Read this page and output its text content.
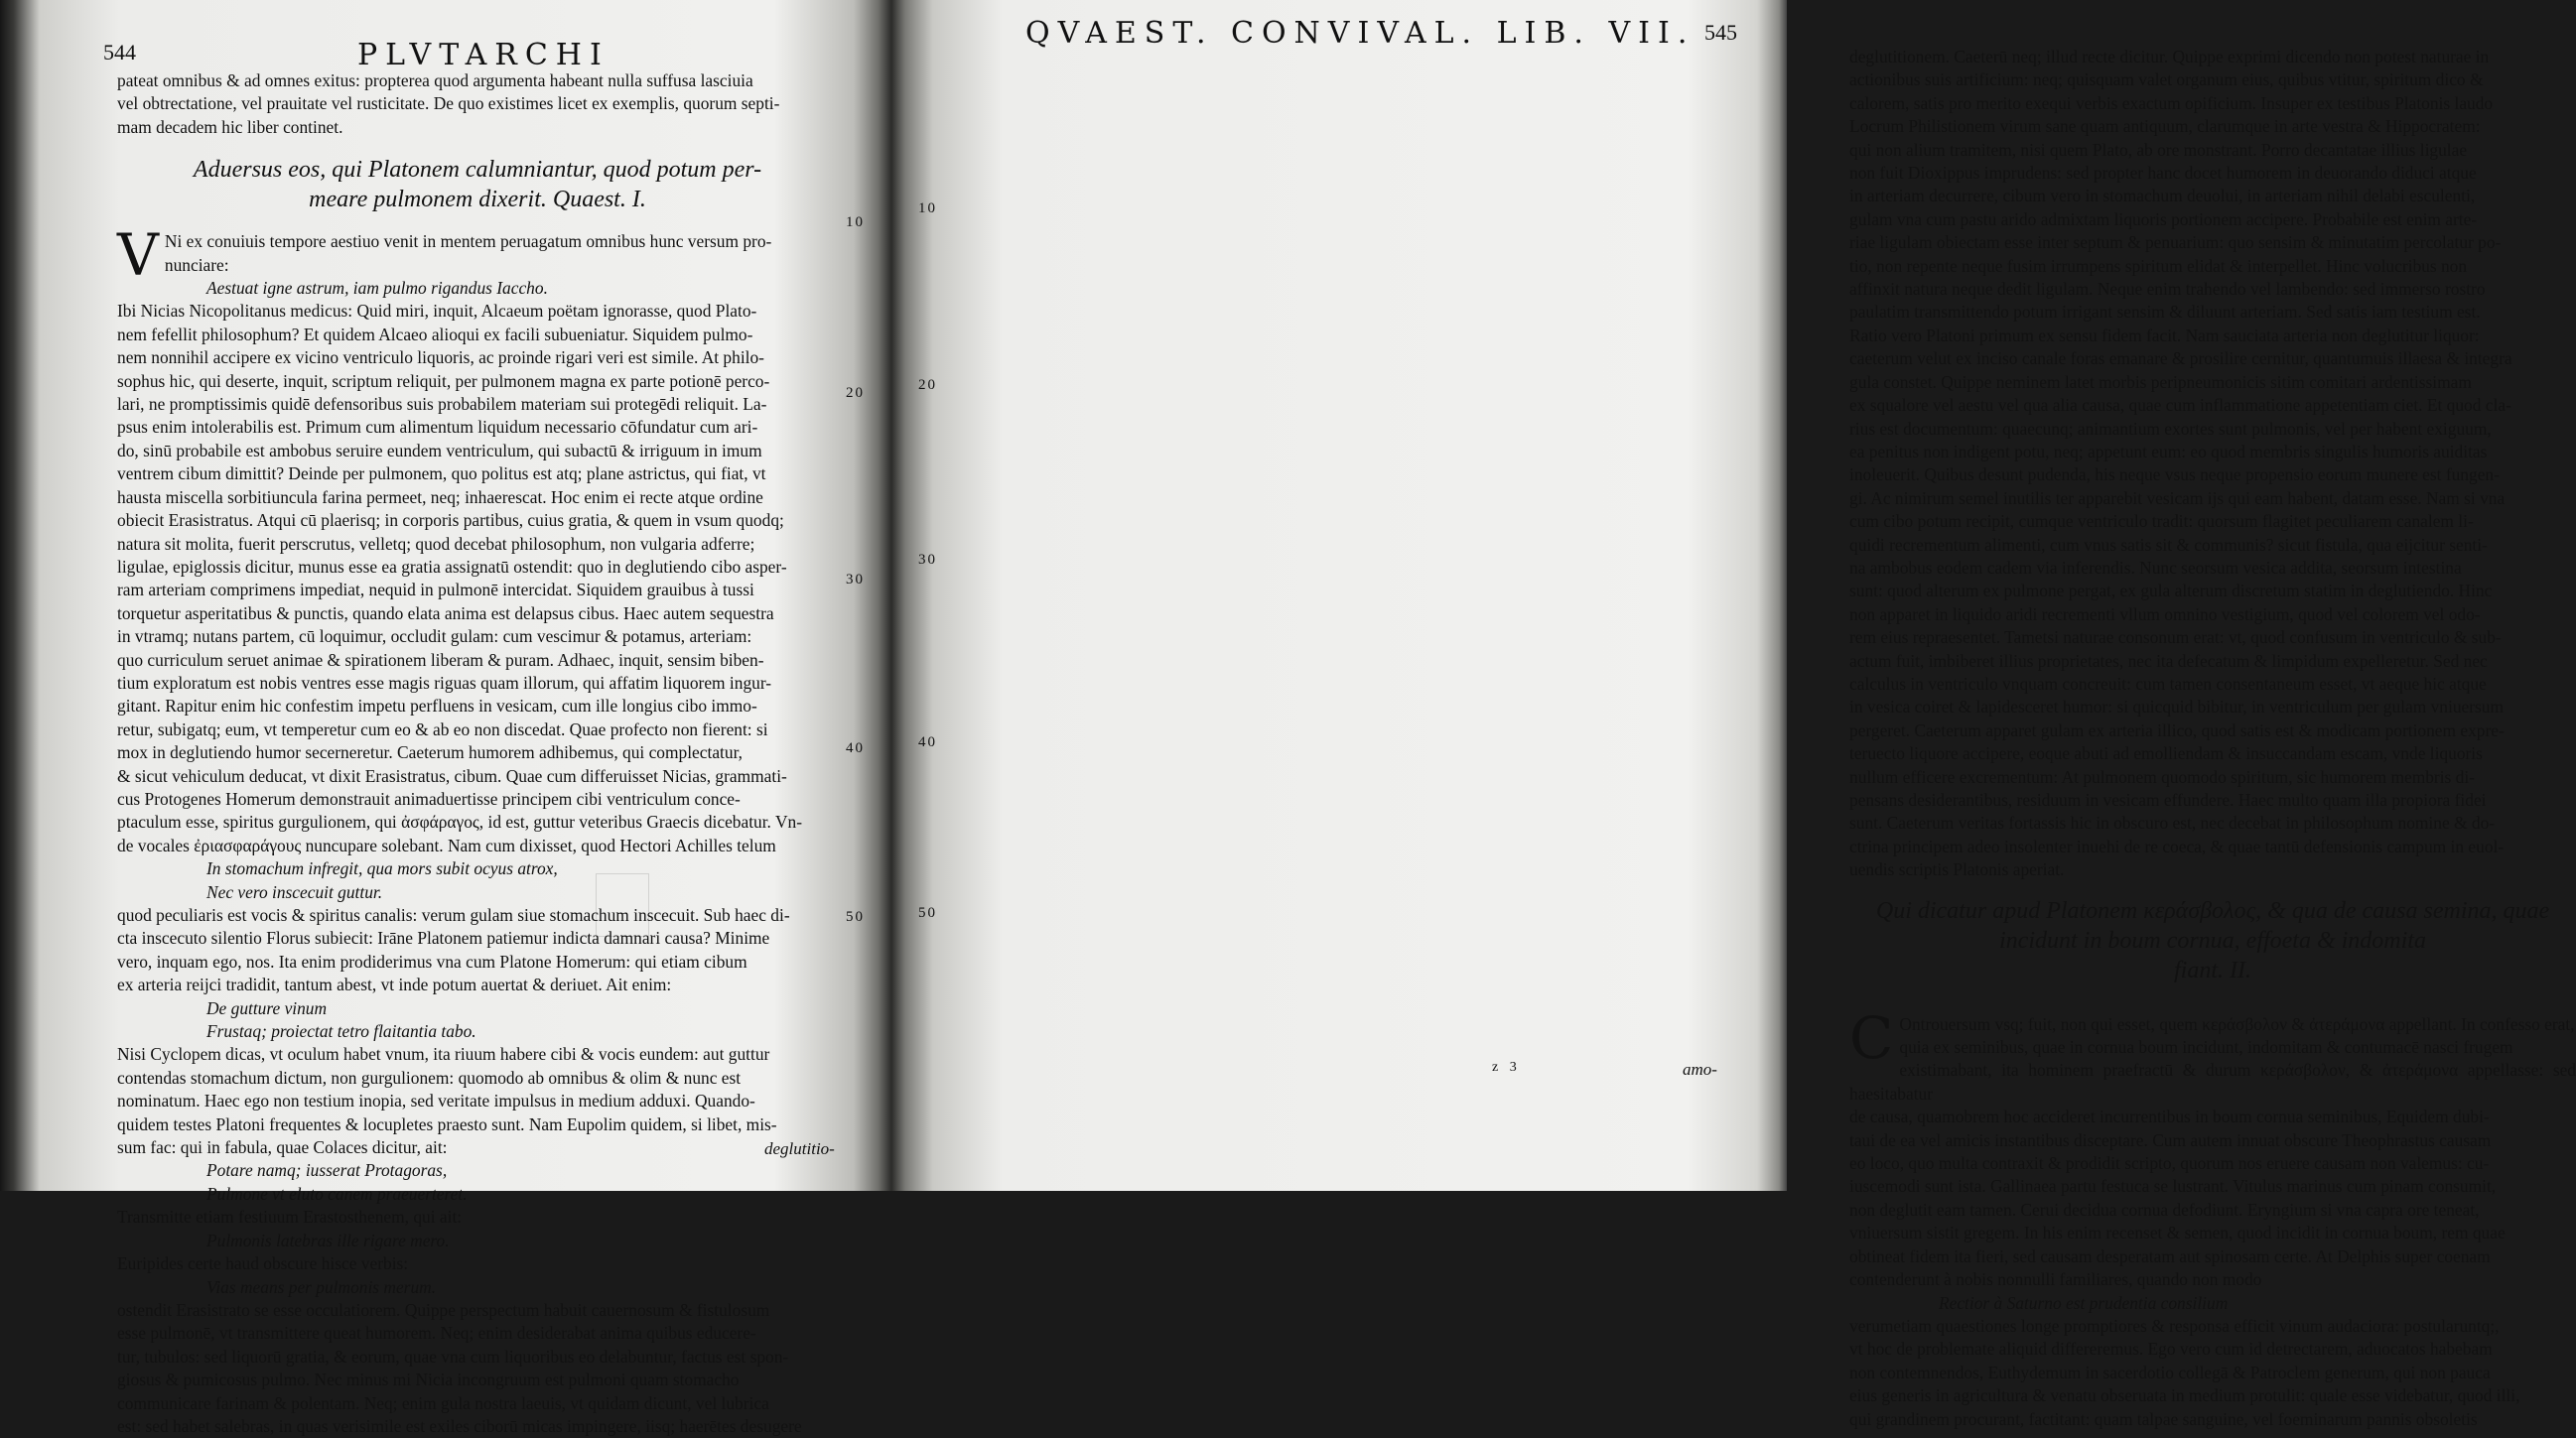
544	PLVTARCHI
10
20
30
40
50

pateat omnibus & ad omnes exitus: propterea quod argumenta habeant nulla suffusa lasciuia

vel obtrectatione, vel prauitate vel rusticitate. De quo existimes licet ex exemplis, quorum septi-

mam decadem hic liber continet.

Aduersus eos, qui Platonem calumniantur, quod potum per-

meare pulmonem dixerit. Quaest. I.

V Ni ex conuiuis tempore aestiuo venit in mentem peruagatum omnibus hunc versum pro-

nunciare:

Aestuat igne astrum, iam pulmo rigandus Iaccho.

Ibi Nicias Nicopolitanus medicus: Quid miri, inquit, Alcaeum poëtam ignorasse, quod Plato-

nem fefellit philosophum? Et quidem Alcaeo alioqui ex facili subueniatur. Siquidem pulmo-

nem nonnihil accipere ex vicino ventriculo liquoris, ac proinde rigari veri est simile. At philo-

sophus hic, qui deserte, inquit, scriptum reliquit, per pulmonem magna ex parte potionē perco-

lari, ne promptissimis quidē defensoribus suis probabilem materiam sui protegēdi reliquit. La-

psus enim intolerabilis est. Primum cum alimentum liquidum necessario cōfundatur cum ari-

do, sinū probabile est ambobus seruire eundem ventriculum, qui subactū & irriguum in imum

ventrem cibum dimittit? Deinde per pulmonem, quo politus est atq; plane astrictus, qui fiat, vt

hausta miscella sorbitiuncula farina permeet, neq; inhaerescat. Hoc enim ei recte atque ordine

obiecit Erasistratus. Atqui cū plaerisq; in corporis partibus, cuius gratia, & quem in vsum quodq;

natura sit molita, fuerit perscrutus, velletq; quod decebat philosophum, non vulgaria adferre;

ligulae, epiglossis dicitur, munus esse ea gratia assignatū ostendit: quo in deglutiendo cibo asper-

ram arteriam comprimens impediat, nequid in pulmonē intercidat. Siquidem grauibus à tussi

torquetur asperitatibus & punctis, quando elata anima est delapsus cibus. Haec autem sequestra

in vtramq; nutans partem, cū loquimur, occludit gulam: cum vescimur & potamus, arteriam:

quo curriculum seruet animae & spirationem liberam & puram. Adhaec, inquit, sensim biben-

tium exploratum est nobis ventres esse magis riguas quam illorum, qui affatim liquorem ingur-

gitant. Rapitur enim hic confestim impetu perfluens in vesicam, cum ille longius cibo immo-

retur, subigatq; eum, vt temperetur cum eo & ab eo non discedat. Quae profecto non fierent: si

mox in deglutiendo humor secerneretur. Caeterum humorem adhibemus, qui complectatur,

& sicut vehiculum deducat, vt dixit Erasistratus, cibum. Quae cum differuisset Nicias, grammati-

cus Protogenes Homerum demonstrauit animaduertisse principem cibi ventriculum conce-

ptaculum esse, spiritus gurgulionem, qui ἀσφάραγος, id est, guttur veteribus Graecis dicebatur. Vn-

de vocales ἐριασφαράγους nuncupare solebant. Nam cum dixisset, quod Hectori Achilles telum

In stomachum infregit, qua mors subit ocyus atrox,

Nec vero inscecuit guttur.

quod peculiaris est vocis & spiritus canalis: verum gulam siue stomachum inscecuit. Sub haec di-

cta inscecuto silentio Florus subiecit: Irāne Platonem patiemur indicta damnari causa? Minime

vero, inquam ego, nos. Ita enim prodiderimus vna cum Platone Homerum: qui etiam cibum

ex arteria reijci tradidit, tantum abest, vt inde potum auertat & deriuet. Ait enim:

De gutture vinum

Frustaq; proiectat tetro flaitantia tabo.

Nisi Cyclopem dicas, vt oculum habet vnum, ita riuum habere cibi & vocis eundem: aut guttur

contendas stomachum dictum, non gurgulionem: quomodo ab omnibus & olim & nunc est

nominatum. Haec ego non testium inopia, sed veritate impulsus in medium adduxi. Quando-

quidem testes Platoni frequentes & locupletes praesto sunt. Nam Eupolim quidem, si libet, mis-

sum fac: qui in fabula, quae Colaces dicitur, ait:

Potare namq; iusserat Protagoras,

Pulmone vt eluto canem praeuerteret.

Transmitte etiam festiuum Erastosthenem, qui ait:

Pulmonis latebras ille rigare mero.

Euripides certe haud obscure hisce verbis:

Vias means per pulmonis merum.

ostendit Erasistrato se esse occulatiorem. Quippe perspectum habuit cauernosum & fistulosum

esse pulmonē, vt transmittere queat humorem. Neq; enim desiderabat anima quibus educere-

tur, tubulos: sed liquorū gratia, & eorum, quae vna cum liquoribus eo delabuntur, factus est spon-

giosus & pumicosus pulmo. Nec minus mi Nicia incongruum est pulmoni quam stomacho

communicare farinam & polentam. Neq; enim gula nostra laeuis, vt quidam dicunt, vel lubrica

est: sed habet salebras, in quas verisimile est exiles ciborū micas impingere, iisq; haerētes desugere

deglutitio-
QVAEST. CONVIVAL. LIB. VII. 545
10
20
30
40
50

deglutitionem. Caeterū neq; illud recte dicitur. Quippe exprimi dicendo non potest naturae in

actionibus suis artificium: neq; quisquam valet organum eius, quibus vtitur, spiritum dico &

calorem, satis pro merito exequi verbis exactum opificium. Insuper ex testibus Platonis laudo

Locrum Philistionem virum sane quam antiquum, clarumque in arte vestra & Hippocratem:

qui non alium tramitem, nisi quem Plato, ab ore monstrant. Porro decantatae illius ligulae

non fuit Dioxippus imprudens: sed propter hanc docet humorem in deuorando diduci atque

in arteriam decurrere, cibum vero in stomachum deuolui, in arteriam nihil delabi esculenti,

gulam vna cum pastu arido admixtam liquoris portionem accipere. Probabile est enim arte-

riae ligulam obiectam esse inter septum & penuarium: quo sensim & minutatim percolatur po-

tio, non repente neque fusim irrumpens spiritum elidat & interpellet. Hinc volucribus non

affinxit natura neque dedit ligulam. Neque enim trahendo vel lambendo: sed immerso rostro

paulatim transmittendo potum irrigant sensim & diluunt arteriam. Sed satis iam testium est.

Ratio vero Platoni primum ex sensu fidem facit. Nam sauciata arteria non deglutitur liquor:

caeterum velut ex inciso canale foras emanare & prosilire cernitur, quantumuis illaesa & integra

gula constet. Quippe neminem latet morbis peripneumonicis sitim comitari ardentissimam

ex squalore vel aestu vel qua alia causa, quae cum inflammatione appetentiam ciet. Et quod cla-

rius est documentum: quaecunq; animantium exortes sunt pulmonis, vel per habent exiguum,

ea penitus non indigent potu, neq; appetunt eum: eo quod membris singulis humoris auiditas

inoleuerit. Quibus desunt pudenda, his neque vsus neque propensio eorum munere est fungen-

gi. Ac nimirum semel inutilis ter apparebit vesicam ijs qui eam habent, datam esse. Nam si vna

cum cibo potum recipit, cumque ventriculo tradit: quorsum flagitet peculiarem canalem li-

quidi recrementum alimenti, cum vnus satis sit & communis? sicut fistula, qua eijcitur senti-

na ambobus eodem cadem via inferendis. Nunc seorsum vesica addita, seorsum intestina

sunt: quod alterum ex pulmone pergat, ex gula alterum discretum statim in deglutiendo. Hinc

non apparet in liquido aridi recrementi vllum omnino vestigium, quod vel colorem vel odo-

rem eius repraesentet. Tametsi naturae consonum erat: vt, quod confusum in ventriculo & sub-

actum fuit, imbiberet illius proprietates, nec ita defecatum & limpidum expelleretur. Sed nec

calculus in ventriculo vnquam concreuit: cum tamen consentaneum esset, vt aeque hic atque

in vesica coiret & lapidesceret humor: si quicquid bibitur, in ventriculum per gulam vniuersum

pergeret. Caeterum apparet gulam ex arteria illico, quod satis est & modicam portionem expre-

teruecto liquore accipere, eoque abuti ad emolliendam & insuccandam escam, vnde liquoris

nullum efficere excrementum: At pulmonem quomodo spiritum, sic humorem membris di-

pensans desiderantibus, residuum in vesicam effundere. Haec multo quam illa propiora fidei

sunt. Caeterum veritas fortassis hic in obscuro est, nec decebat in philosophum nomine & do-

ctrina principem adeo insolenter inuehi de re coeca, & quae tantū defensionis campum in euol-

uendis scriptis Platonis aperiat.

Qui dicatur apud Platonem κεράσβολος, & qua de causa semina, quae

incidunt in boum cornua, effoeta & indomita

fiant. II.

C Ontrouersum vsq; fuit, non qui esset, quem κεράσβολον & ἀτεράμονα appellant. In confesso erat,

quia ex seminibus, quae in cornua boum incidunt, indomitam & contumacē nasci frugem

existimabant, ita hominem praefractū & durum κεράσβολον, & ἀτεράμονα appellasse: sed haesitabatur

de causa, quamobrem hoc accideret incurrentibus in boum cornua seminibus, Equidem dubi-

taui de ea vel amicis instantibus disceptare. Cum autem innuat obscure Theophrastus causam

eo loco, quo multa contraxit & prodidit scripto, quorum nos eruere causam non valemus: cu-

iuscemodi sunt ista. Gallinaea partu festuca se lustrant. Vitulus marinus cum pinam consumit,

non deglutit eam tamen. Cerui decidua cornua defodiunt. Eryngium si vna capra ore teneat,

vniuersum sistit gregem. In his enim recenset & semen, quod incidit in cornua boum, rem quae

obtineat fidem ita fieri, sed causam desperatam aut spinosam certe. At Delphis super coenam

contenderunt à nobis nonnulli familiares, quando non modo

Rectior à Saturno est prudentia consilium

verumetiam quaestiones longe promptiores & responsa efficit vinum audaciora: postularuntq;,

vt hoc de problemate aliquid differeremus. Ego vero cum id detrectarem, aduocatos habebam

non contemnendos, Euthydemum in sacerdotio collegā & Patroclem generum, qui non pauca

eius generis in agricultura & venatu obseruata in medium protulit: quale esse videbatur, quod illi,

qui grandinem procurant, factitant: quam talpae sanguine, vel foeminarum pannis obsoletis

z 3	amo-
